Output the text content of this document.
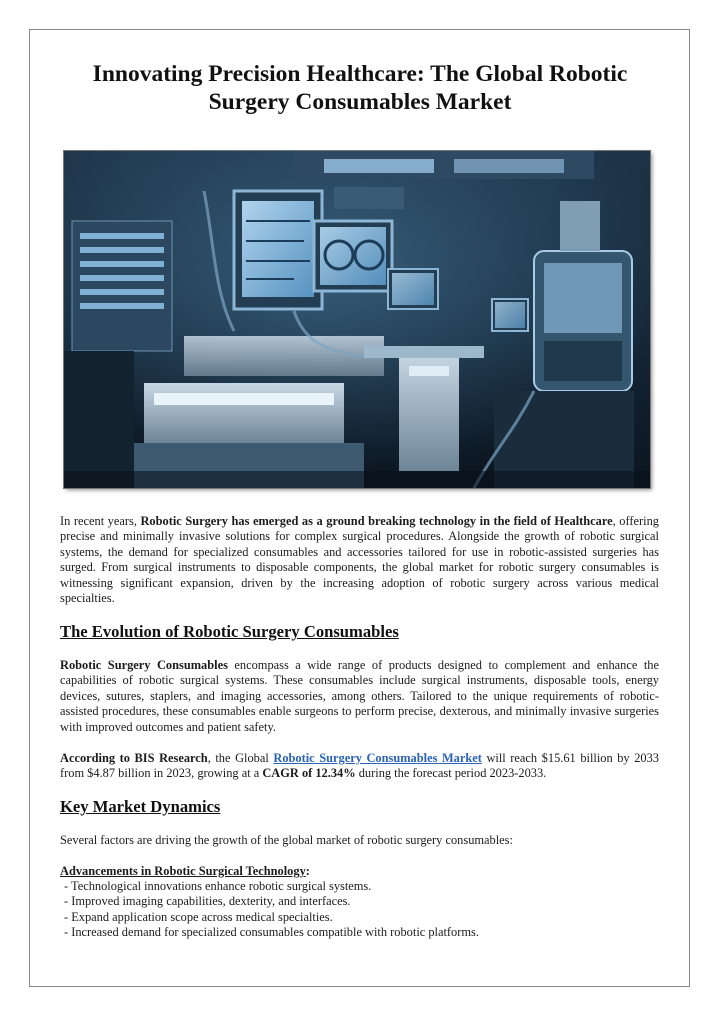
Innovating Precision Healthcare: The Global Robotic
Surgery Consumables Market
In recent years, Robotic Surgery has emerged as a ground breaking technology in the field of Healthcare, offering precise and minimally invasive solutions for complex surgical procedures. Alongside the growth of robotic surgical systems, the demand for specialized consumables and accessories tailored for use in robotic-assisted surgeries has surged. From surgical instruments to disposable components, the global market for robotic surgery consumables is witnessing significant expansion, driven by the increasing adoption of robotic surgery across various medical specialties.
The Evolution of Robotic Surgery Consumables
Robotic Surgery Consumables encompass a wide range of products designed to complement and enhance the capabilities of robotic surgical systems. These consumables include surgical instruments, disposable tools, energy devices, sutures, staplers, and imaging accessories, among others. Tailored to the unique requirements of robotic-assisted procedures, these consumables enable surgeons to perform precise, dexterous, and minimally invasive surgeries with improved outcomes and patient safety.
According to BIS Research, the Global Robotic Surgery Consumables Market will reach $15.61 billion by 2033 from $4.87 billion in 2023, growing at a CAGR of 12.34% during the forecast period 2023-2033.
Key Market Dynamics
Several factors are driving the growth of the global market of robotic surgery consumables:
Advancements in Robotic Surgical Technology:
- Technological innovations enhance robotic surgical systems.
- Improved imaging capabilities, dexterity, and interfaces.
- Expand application scope across medical specialties.
- Increased demand for specialized consumables compatible with robotic platforms.
